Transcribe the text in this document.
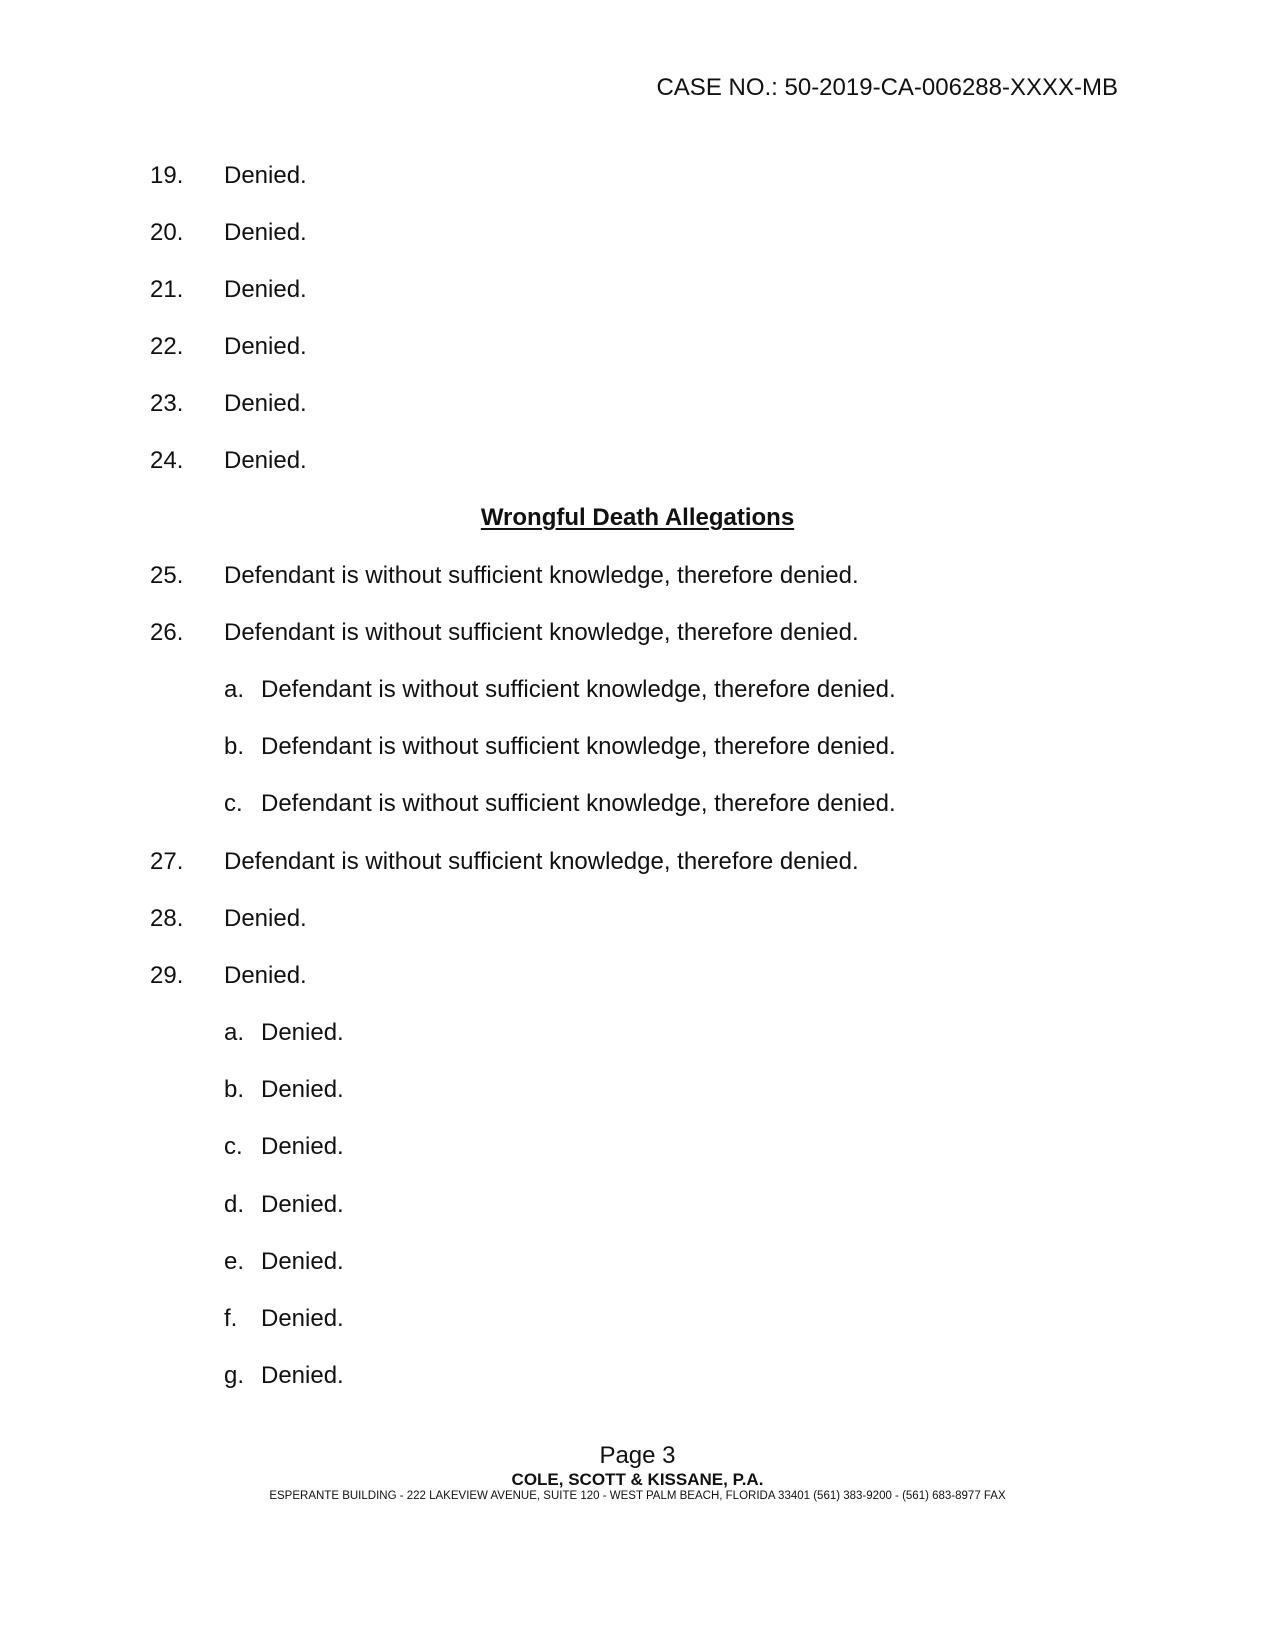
CASE NO.: 50-2019-CA-006288-XXXX-MB
19. Denied.
20. Denied.
21. Denied.
22. Denied.
23. Denied.
24. Denied.
Wrongful Death Allegations
25. Defendant is without sufficient knowledge, therefore denied.
26. Defendant is without sufficient knowledge, therefore denied.
a. Defendant is without sufficient knowledge, therefore denied.
b. Defendant is without sufficient knowledge, therefore denied.
c. Defendant is without sufficient knowledge, therefore denied.
27. Defendant is without sufficient knowledge, therefore denied.
28. Denied.
29. Denied.
a. Denied.
b. Denied.
c. Denied.
d. Denied.
e. Denied.
f. Denied.
g. Denied.
Page 3
COLE, SCOTT & KISSANE, P.A.
ESPERANTE BUILDING - 222 LAKEVIEW AVENUE, SUITE 120 - WEST PALM BEACH, FLORIDA 33401 (561) 383-9200 - (561) 683-8977 FAX
